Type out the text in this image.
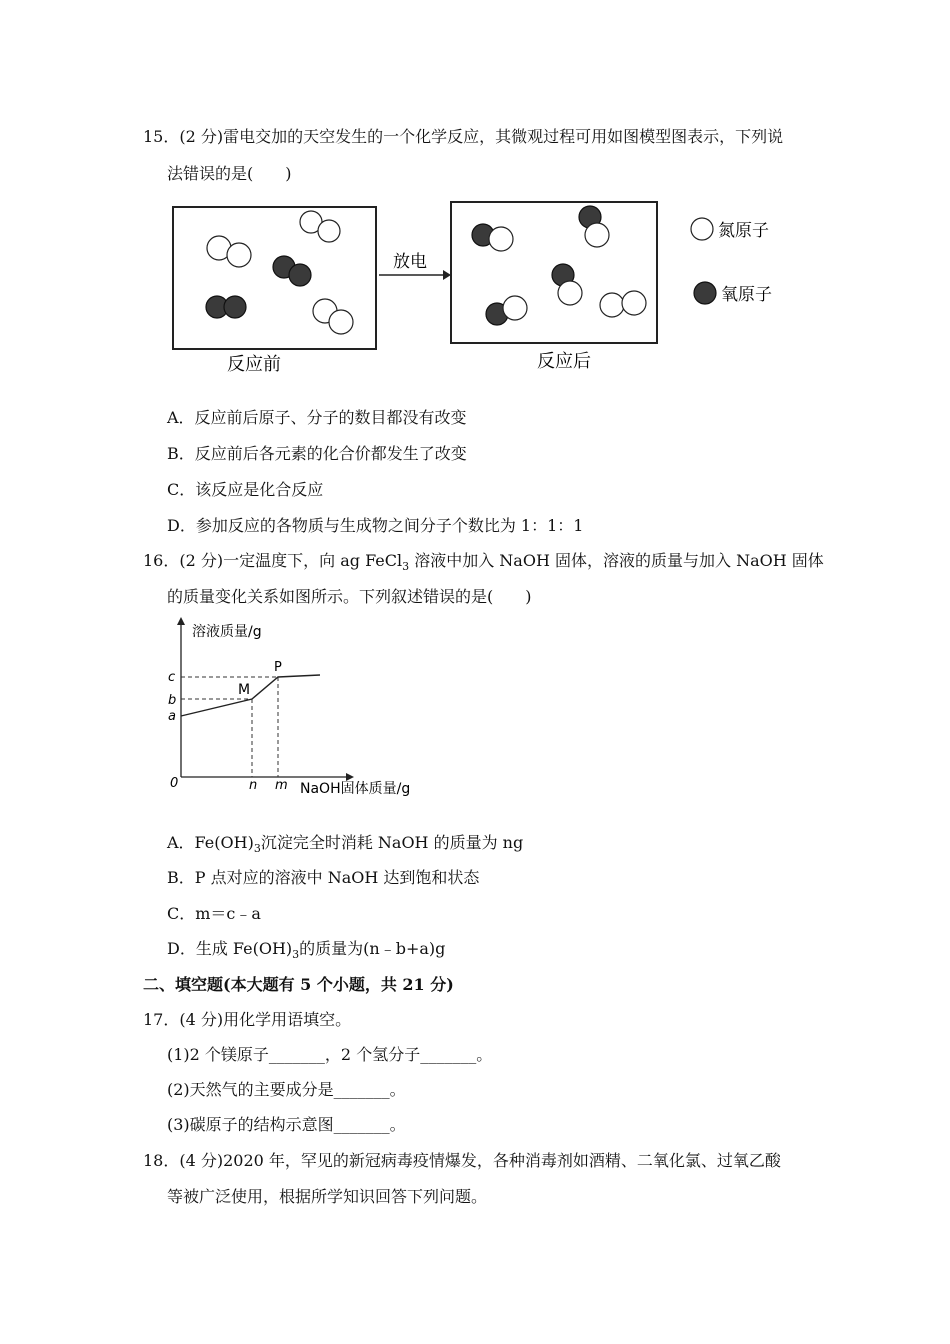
15．(2 分)雷电交加的天空发生的一个化学反应，其微观过程可用如图模型图表示，下列说
法错误的是(　　)
反应前
放电
反应后
氮原子
氧原子
A．反应前后原子、分子的数目都没有改变
B．反应前后各元素的化合价都发生了改变
C．该反应是化合反应
D．参加反应的各物质与生成物之间分子个数比为 1：1：1
16．(2 分)一定温度下，向 ag FeCl$_3$ 溶液中加入 NaOH 固体，溶液的质量与加入 NaOH 固体
的质量变化关系如图所示。下列叙述错误的是(　　)
溶液质量/g
NaOH固体质量/g
0
c
b
a
n m
M
P
A．$Fe(OH)_3$沉淀完全时消耗 NaOH 的质量为 ng
B．P 点对应的溶液中 NaOH 达到饱和状态
C．m＝c﹣a
D．生成 $Fe(OH)_3$的质量为(n﹣b+a)g
二、填空题(本大题有 5 个小题，共 21 分)
17．(4 分)用化学用语填空。
(1)2 个镁原子_______，2 个氢分子_______。
(2)天然气的主要成分是_______。
(3)碳原子的结构示意图_______。
18．(4 分)2020 年，罕见的新冠病毒疫情爆发，各种消毒剂如酒精、二氧化氯、过氧乙酸
等被广泛使用，根据所学知识回答下列问题。
